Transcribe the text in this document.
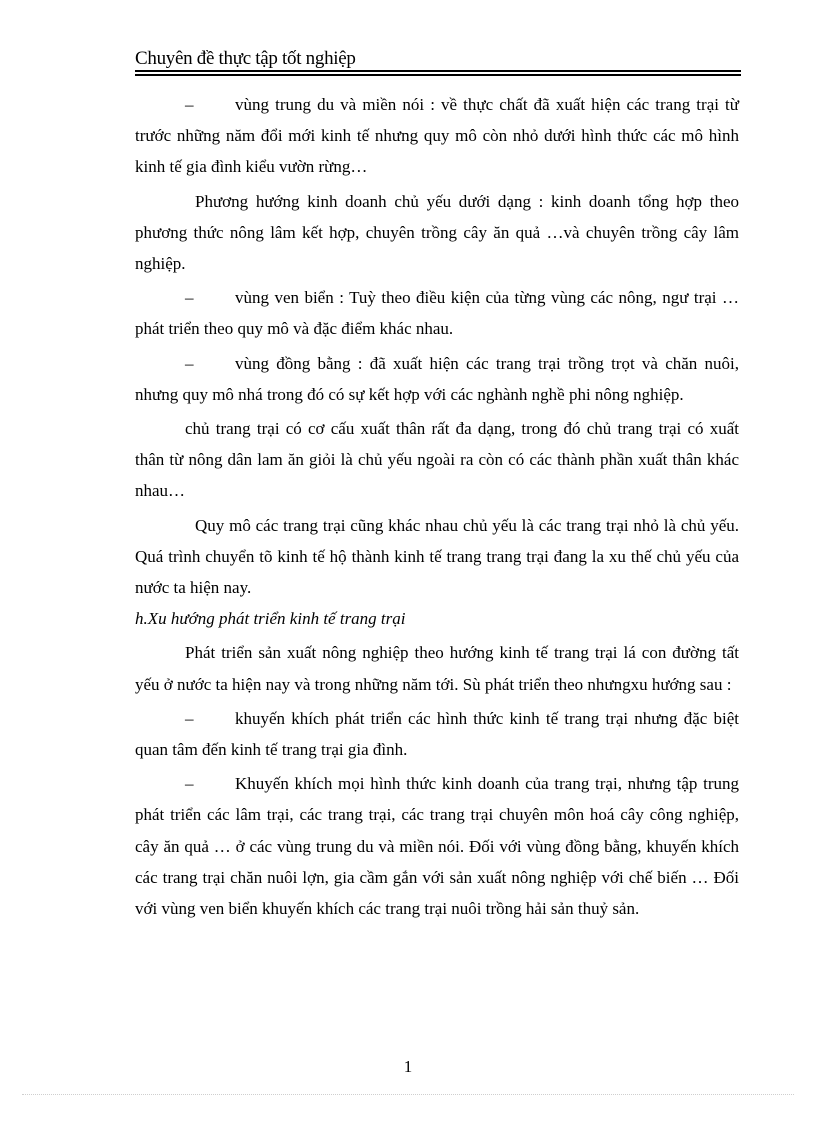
Chuyên đề thực tập tốt nghiệp
– vùng trung du và miền nói : về thực chất đã xuất hiện các trang trại từ trước những năm đổi mới kinh tế nhưng quy mô còn nhỏ dưới hình thức các mô hình kinh tế gia đình kiểu vườn rừng…
Phương hướng kinh doanh chủ yếu dưới dạng : kinh doanh tổng hợp theo phương thức nông lâm kết hợp, chuyên trồng cây ăn quả …và chuyên trồng cây lâm nghiệp.
– vùng ven biển : Tuỳ theo điều kiện của từng vùng các nông, ngư trại … phát triển theo quy mô và đặc điểm khác nhau.
– vùng đồng bằng : đã xuất hiện các trang trại trồng trọt và chăn nuôi, nhưng quy mô nhá trong đó có sự kết hợp với các nghành nghề phi nông nghiệp.
chủ trang trại có cơ cấu xuất thân rất đa dạng, trong đó chủ trang trại có xuất thân từ nông dân lam ăn giỏi là chủ yếu ngoài ra còn có các thành phần xuất thân khác nhau…
Quy mô các trang trại cũng khác nhau chủ yếu là các trang trại nhỏ là chủ yếu. Quá trình chuyển tõ kinh tế hộ thành kinh tế trang trang trại đang la xu thế chủ yếu của nước ta hiện nay.
h.Xu hướng phát triển kinh tế trang trại
Phát triển sản xuất nông nghiệp theo hướng kinh tế trang trại lá con đường tất yếu ở nước ta hiện nay và trong những năm tới. Sù phát triển theo nhưngxu hướng sau :
– khuyến khích phát triển các hình thức kinh tế trang trại nhưng đặc biệt quan tâm đến kinh tế trang trại gia đình.
– Khuyến khích mọi hình thức kinh doanh của trang trại, nhưng tập trung phát triển các lâm trại, các trang trại, các trang trại chuyên môn hoá cây công nghiệp, cây ăn quả … ở các vùng trung du và miền nói. Đối với vùng đồng bằng, khuyến khích các trang trại chăn nuôi lợn, gia cầm gắn với sản xuất nông nghiệp với chế biến … Đối với vùng ven biển khuyến khích các trang trại nuôi trồng hải sản thuỷ sản.
1
